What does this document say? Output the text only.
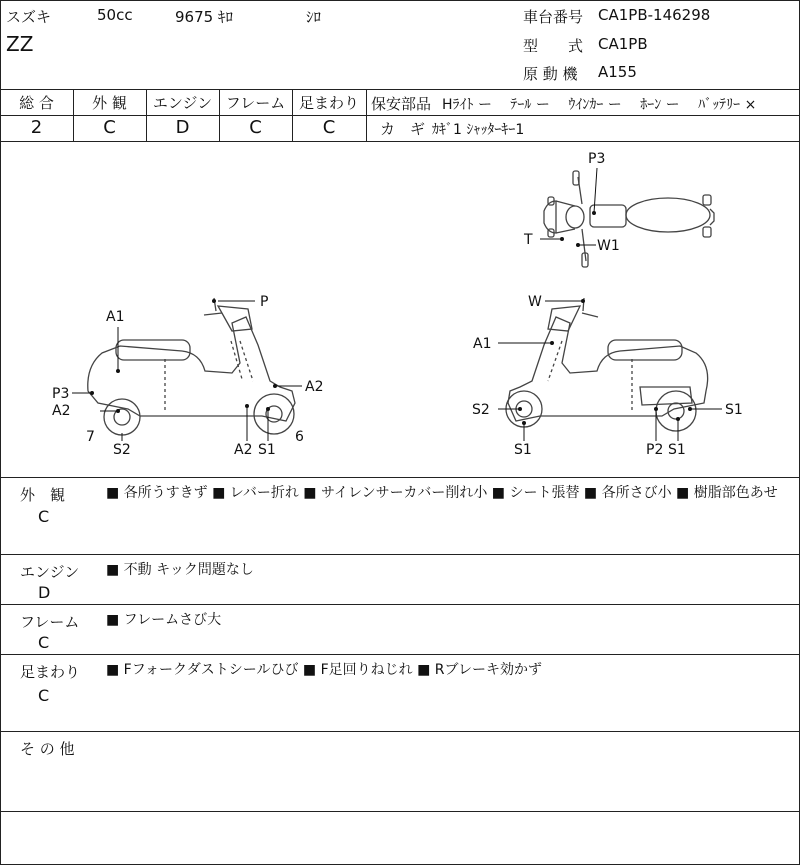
スズキ	50cc	9675 ｷﾛ	ｼﾛ
ZZ
車台番号 CA1PB-146298
型　　式 CA1PB
原 動 機 A155
総 合	外 観	エンジン フレーム 足まわり
2	C	D	C	C
保安部品 Hﾗｲﾄ ー　 ﾃｰﾙ ー　 ｳｲﾝｶｰ ー　 ﾎｰﾝ ー　 ﾊﾞｯﾃﾘｰ ×
カ　ギ ｶｷﾞ1 ｼｬｯﾀｰｷｰ1
P3
T	W1
P
A1
A2
P3
A2
7
S2	A2 S1
6
W
A1
S2
S1
S1
P2 S1
外　観
C
■ 各所うすきず ■ レバー折れ ■ サイレンサーカバー削れ小 ■ シート張替 ■ 各所さび小 ■ 樹脂部色あせ
エンジン
D
■ 不動 キック問題なし
フレーム
C
■ フレームさび大
足まわり
C
■ Fフォークダストシールひび ■ F足回りねじれ ■ Rブレーキ効かず
そ の 他
